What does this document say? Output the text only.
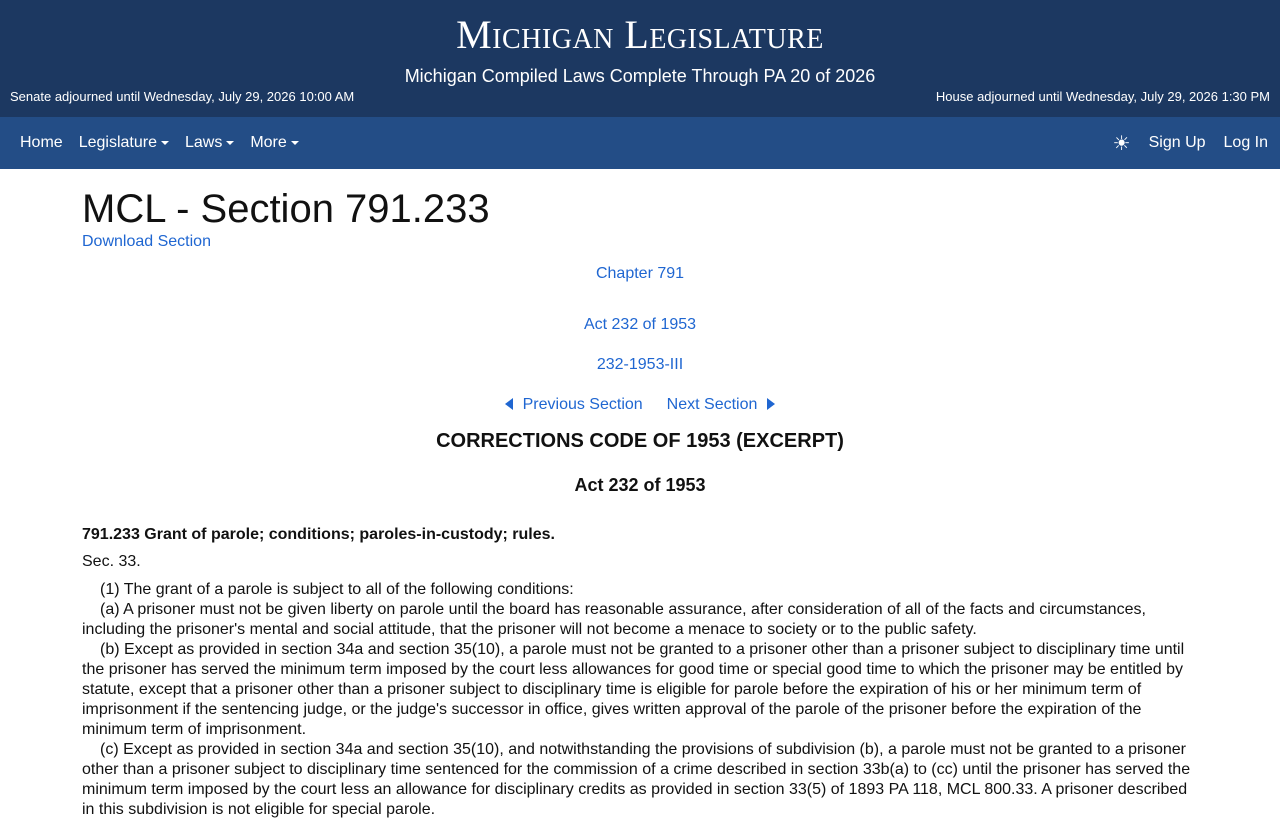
Michigan Legislature
Michigan Compiled Laws Complete Through PA 20 of 2026
Senate adjourned until Wednesday, July 29, 2026 10:00 AM	House adjourned until Wednesday, July 29, 2026 1:30 PM
Home Legislature Laws More	☀ Sign Up Log In
MCL - Section 791.233
Download Section
Chapter 791
Act 232 of 1953
232-1953-III
Previous Section Next Section
CORRECTIONS CODE OF 1953 (EXCERPT)
Act 232 of 1953
791.233 Grant of parole; conditions; paroles-in-custody; rules.
Sec. 33.

(1) The grant of a parole is subject to all of the following conditions:

(a) A prisoner must not be given liberty on parole until the board has reasonable assurance, after consideration of all of the facts and circumstances, including the prisoner's mental and social attitude, that the prisoner will not become a menace to society or to the public safety.

(b) Except as provided in section 34a and section 35(10), a parole must not be granted to a prisoner other than a prisoner subject to disciplinary time until the prisoner has served the minimum term imposed by the court less allowances for good time or special good time to which the prisoner may be entitled by statute, except that a prisoner other than a prisoner subject to disciplinary time is eligible for parole before the expiration of his or her minimum term of imprisonment if the sentencing judge, or the judge's successor in office, gives written approval of the parole of the prisoner before the expiration of the minimum term of imprisonment.

(c) Except as provided in section 34a and section 35(10), and notwithstanding the provisions of subdivision (b), a parole must not be granted to a prisoner other than a prisoner subject to disciplinary time sentenced for the commission of a crime described in section 33b(a) to (cc) until the prisoner has served the minimum term imposed by the court less an allowance for disciplinary credits as provided in section 33(5) of 1893 PA 118, MCL 800.33. A prisoner described in this subdivision is not eligible for special parole.
